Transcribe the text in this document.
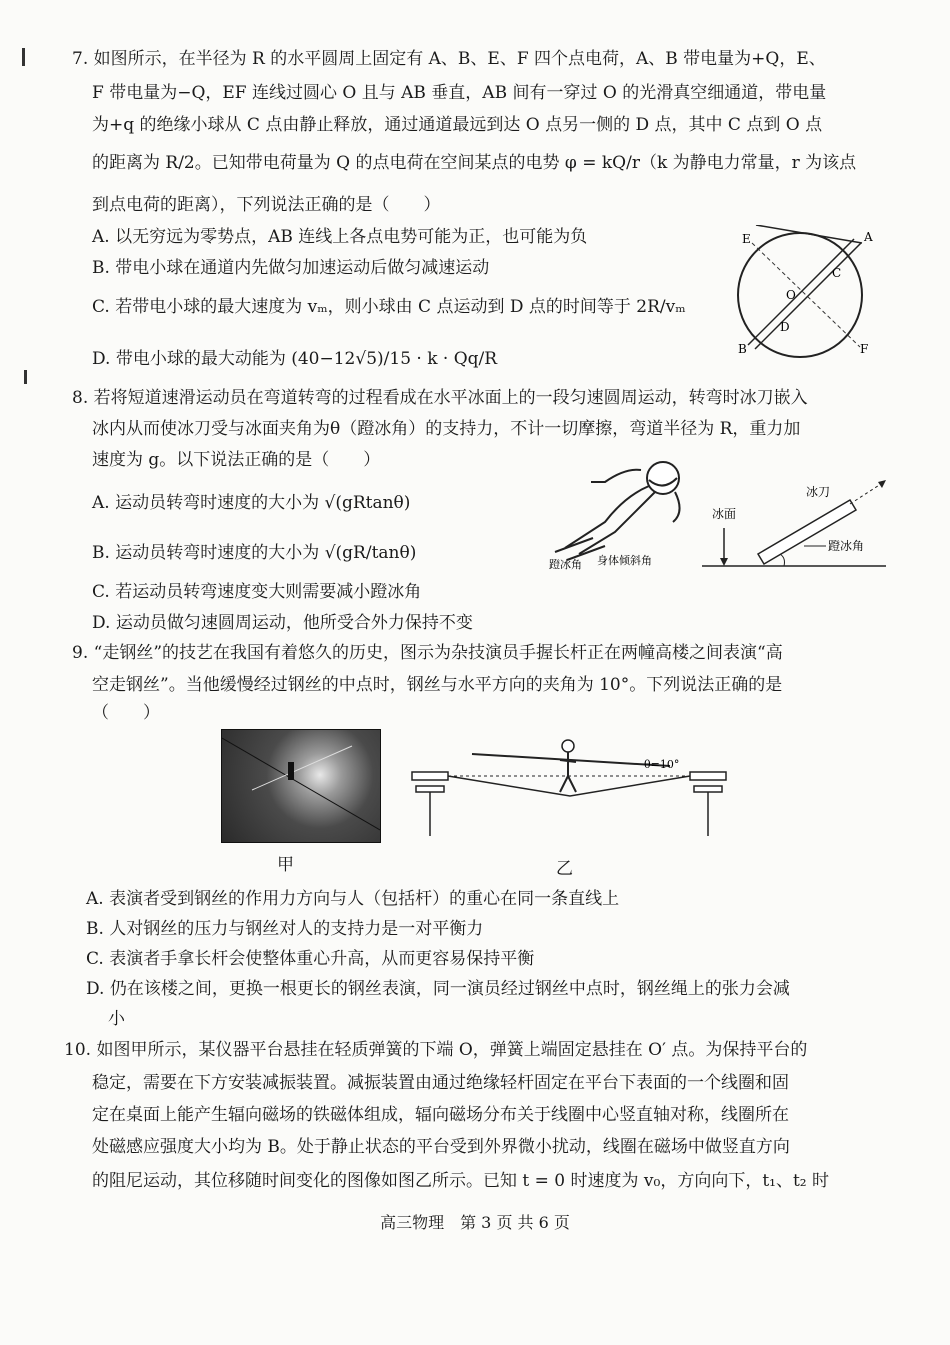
7. 如图所示，在半径为 R 的水平圆周上固定有 A、B、E、F 四个点电荷，A、B 带电量为+Q，E、
F 带电量为−Q，EF 连线过圆心 O 且与 AB 垂直，AB 间有一穿过 O 的光滑真空细通道，带电量
为+q 的绝缘小球从 C 点由静止释放，通过通道最远到达 O 点另一侧的 D 点，其中 C 点到 O 点
的距离为 R/2。已知带电荷量为 Q 的点电荷在空间某点的电势 φ = kQ/r（k 为静电力常量，r 为该点
到点电荷的距离），下列说法正确的是（　　）
A. 以无穷远为零势点，AB 连线上各点电势可能为正，也可能为负
B. 带电小球在通道内先做匀加速运动后做匀减速运动
C. 若带电小球的最大速度为 vₘ，则小球由 C 点运动到 D 点的时间等于 2R/vₘ
D. 带电小球的最大动能为 (40−12√5)/15 · k · Qq/R
A
B
E
F
O
C
D
8. 若将短道速滑运动员在弯道转弯的过程看成在水平冰面上的一段匀速圆周运动，转弯时冰刀嵌入
冰内从而使冰刀受与冰面夹角为θ（蹬冰角）的支持力，不计一切摩擦，弯道半径为 R，重力加
速度为 g。以下说法正确的是（　　）
A. 运动员转弯时速度的大小为 √(gRtanθ)
B. 运动员转弯时速度的大小为 √(gR/tanθ)
C. 若运动员转弯速度变大则需要减小蹬冰角
D. 运动员做匀速圆周运动，他所受合外力保持不变
蹬冰角 身体倾斜角
冰面
冰刀
蹬冰角
9. “走钢丝”的技艺在我国有着悠久的历史，图示为杂技演员手握长杆正在两幢高楼之间表演“高
空走钢丝”。当他缓慢经过钢丝的中点时，钢丝与水平方向的夹角为 10°。下列说法正确的是
（　　）
甲
θ=10°
乙
A. 表演者受到钢丝的作用力方向与人（包括杆）的重心在同一条直线上
B. 人对钢丝的压力与钢丝对人的支持力是一对平衡力
C. 表演者手拿长杆会使整体重心升高，从而更容易保持平衡
D. 仍在该楼之间，更换一根更长的钢丝表演，同一演员经过钢丝中点时，钢丝绳上的张力会减
小
10. 如图甲所示，某仪器平台悬挂在轻质弹簧的下端 O，弹簧上端固定悬挂在 O′ 点。为保持平台的
稳定，需要在下方安装减振装置。减振装置由通过绝缘轻杆固定在平台下表面的一个线圈和固
定在桌面上能产生辐向磁场的铁磁体组成，辐向磁场分布关于线圈中心竖直轴对称，线圈所在
处磁感应强度大小均为 B。处于静止状态的平台受到外界微小扰动，线圈在磁场中做竖直方向
的阻尼运动，其位移随时间变化的图像如图乙所示。已知 t = 0 时速度为 v₀，方向向下，t₁、t₂ 时
高三物理　第 3 页 共 6 页
